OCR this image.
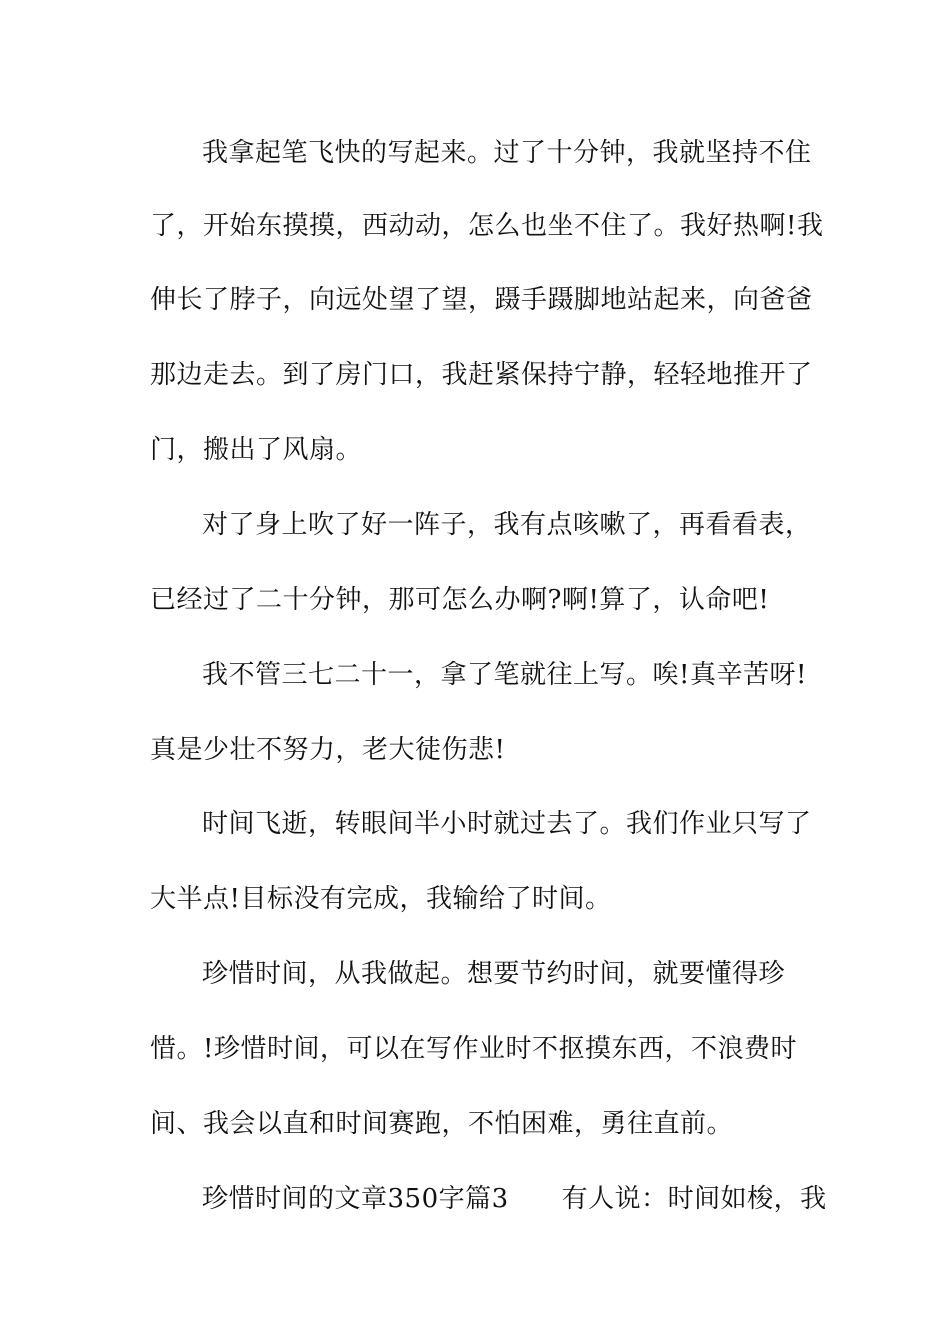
我拿起笔飞快的写起来。过了十分钟，我就坚持不住
了，开始东摸摸，西动动，怎么也坐不住了。我好热啊!我
伸长了脖子，向远处望了望，蹑手蹑脚地站起来，向爸爸
那边走去。到了房门口，我赶紧保持宁静，轻轻地推开了
门，搬出了风扇。
对了身上吹了好一阵子，我有点咳嗽了，再看看表，
已经过了二十分钟，那可怎么办啊?啊!算了，认命吧!
我不管三七二十一，拿了笔就往上写。唉!真辛苦呀!
真是少壮不努力，老大徒伤悲!
时间飞逝，转眼间半小时就过去了。我们作业只写了
大半点!目标没有完成，我输给了时间。
珍惜时间，从我做起。想要节约时间，就要懂得珍
惜。!珍惜时间，可以在写作业时不抠摸东西，不浪费时
间、我会以直和时间赛跑，不怕困难，勇往直前。
珍惜时间的文章350字篇3　　有人说：时间如梭，我
